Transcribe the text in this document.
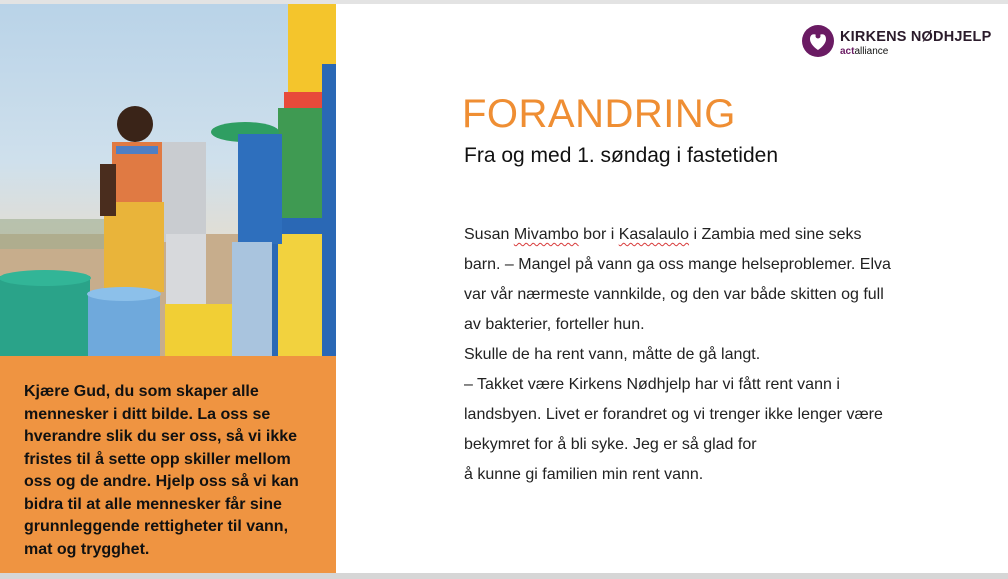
Kjære Gud, du som skaper alle
mennesker i ditt bilde. La oss se
hverandre slik du ser oss, så vi ikke
fristes til å sette opp skiller mellom
oss og de andre. Hjelp oss så vi kan
bidra til at alle mennesker får sine
grunnleggende rettigheter til vann,
mat og trygghet.

KIRKENS NØDHJELP
actalliance
FORANDRING
Fra og med 1. søndag i fastetiden
Susan Mivambo bor i Kasalaulo i Zambia med sine seks
barn. – Mangel på vann ga oss mange helseproblemer. Elva
var vår nærmeste vannkilde, og den var både skitten og full
av bakterier, forteller hun.
Skulle de ha rent vann, måtte de gå langt.
– Takket være Kirkens Nødhjelp har vi fått rent vann i
landsbyen. Livet er forandret og vi trenger ikke lenger være
bekymret for å bli syke. Jeg er så glad for
å kunne gi familien min rent vann.
